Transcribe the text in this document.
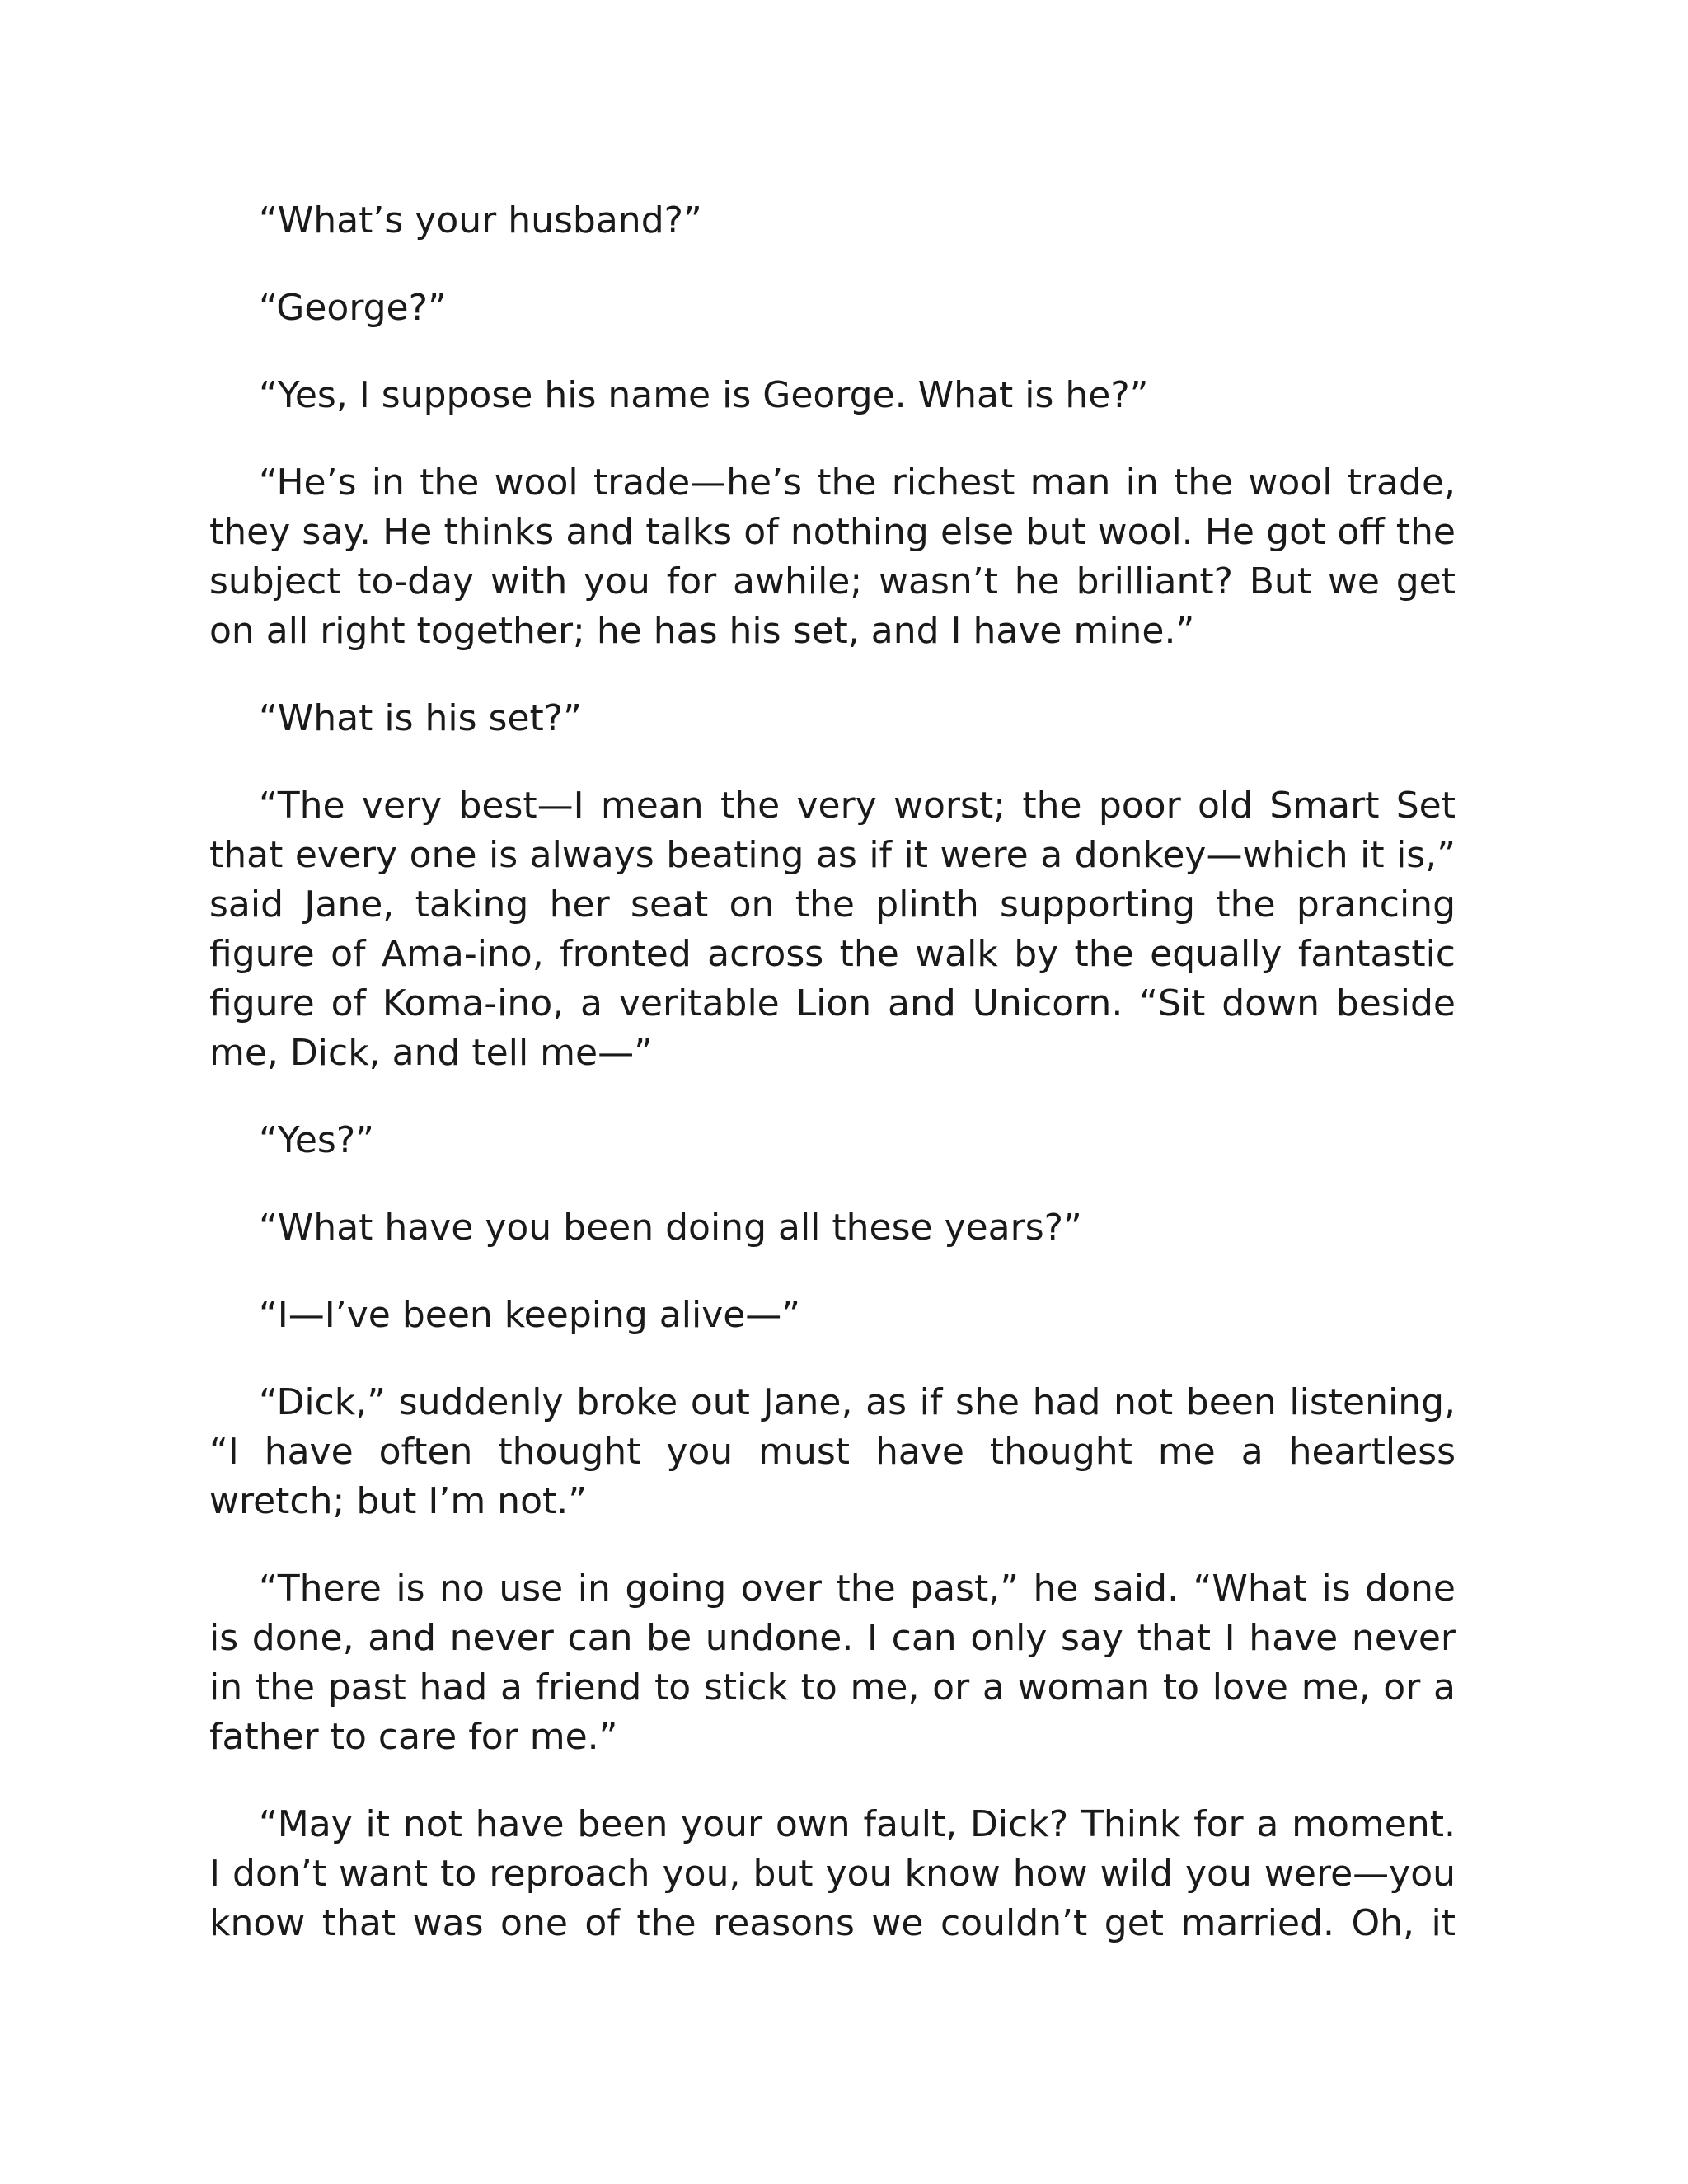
“What’s your husband?”

“George?”

“Yes, I suppose his name is George. What is he?”

“He’s in the wool trade—he’s the richest man in the wool trade, they say. He thinks and talks of nothing else but wool. He got off the subject to-day with you for awhile; wasn’t he brilliant? But we get on all right together; he has his set, and I have mine.”

“What is his set?”

“The very best—I mean the very worst; the poor old Smart Set that every one is always beating as if it were a donkey—which it is,” said Jane, taking her seat on the plinth supporting the prancing figure of Ama-ino, fronted across the walk by the equally fantastic figure of Koma-ino, a veritable Lion and Unicorn. “Sit down beside me, Dick, and tell me—”

“Yes?”

“What have you been doing all these years?”

“I—I’ve been keeping alive—”

“Dick,” suddenly broke out Jane, as if she had not been listening, “I have often thought you must have thought me a heartless wretch; but I’m not.”

“There is no use in going over the past,” he said. “What is done is done, and never can be undone. I can only say that I have never in the past had a friend to stick to me, or a woman to love me, or a father to care for me.”

“May it not have been your own fault, Dick? Think for a moment. I don’t want to reproach you, but you know how wild you were—you know that was one of the reasons we couldn’t get married. Oh, it
